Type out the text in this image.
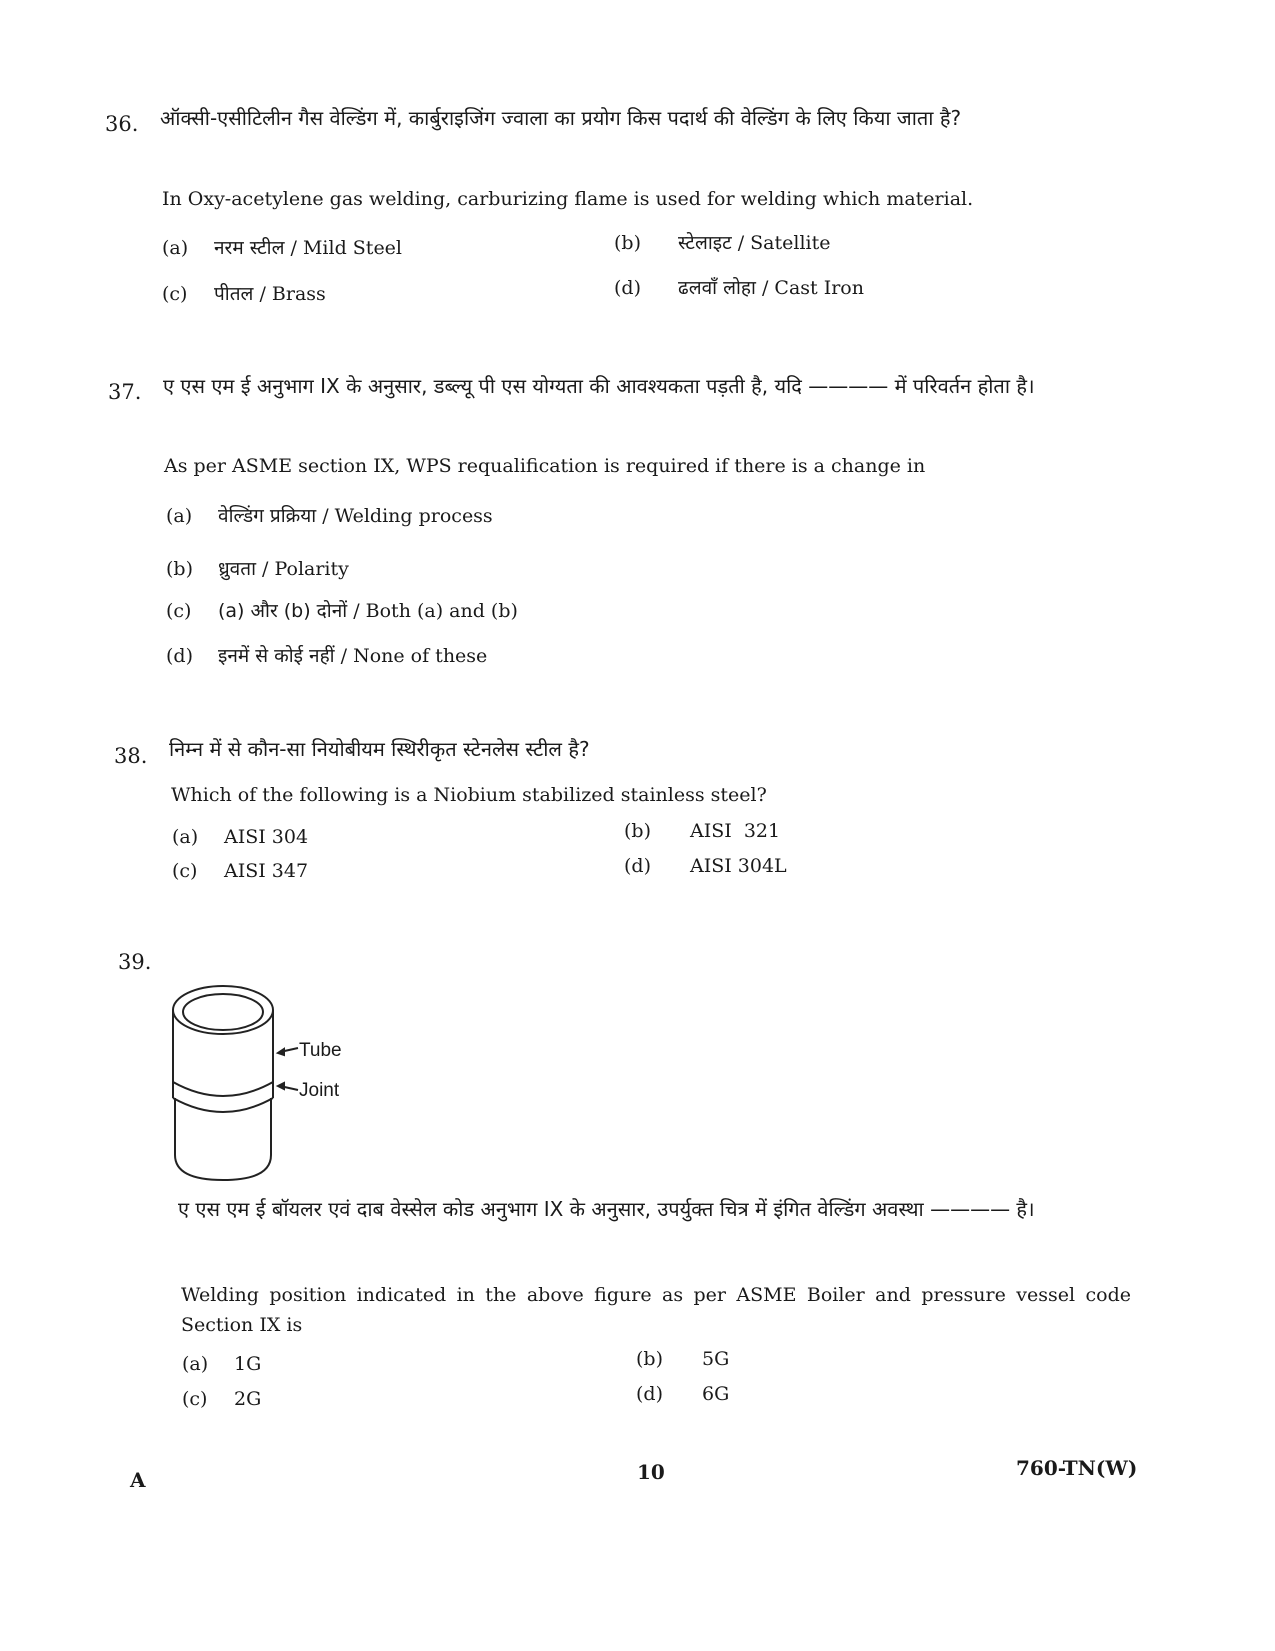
36. ऑक्सी-एसीटिलीन गैस वेल्डिंग में, कार्बुराइजिंग ज्वाला का प्रयोग किस पदार्थ की वेल्डिंग के लिए किया जाता है?
In Oxy-acetylene gas welding, carburizing flame is used for welding which material.
(a) नरम स्टील / Mild Steel	(b) स्टेलाइट / Satellite
(c) पीतल / Brass	(d) ढलवाँ लोहा / Cast Iron
37. ए एस एम ई अनुभाग IX के अनुसार, डब्ल्यू पी एस योग्यता की आवश्यकता पड़ती है, यदि ———— में परिवर्तन होता है।
As per ASME section IX, WPS requalification is required if there is a change in
(a) वेल्डिंग प्रक्रिया / Welding process
(b) ध्रुवता / Polarity
(c) (a) और (b) दोनों / Both (a) and (b)
(d) इनमें से कोई नहीं / None of these
38. निम्न में से कौन-सा नियोबीयम स्थिरीकृत स्टेनलेस स्टील है?
Which of the following is a Niobium stabilized stainless steel?
(a) AISI 304	(b) AISI  321
(c) AISI 347	(d) AISI 304L
39.
Tube
Joint
ए एस एम ई बॉयलर एवं दाब वेस्सेल कोड अनुभाग IX के अनुसार, उपर्युक्त चित्र में इंगित वेल्डिंग अवस्था ———— है।
Welding position indicated in the above figure as per ASME Boiler and pressure vessel code Section IX is
(a) 1G	(b) 5G
(c) 2G	(d) 6G
A	10	760-TN(W)
